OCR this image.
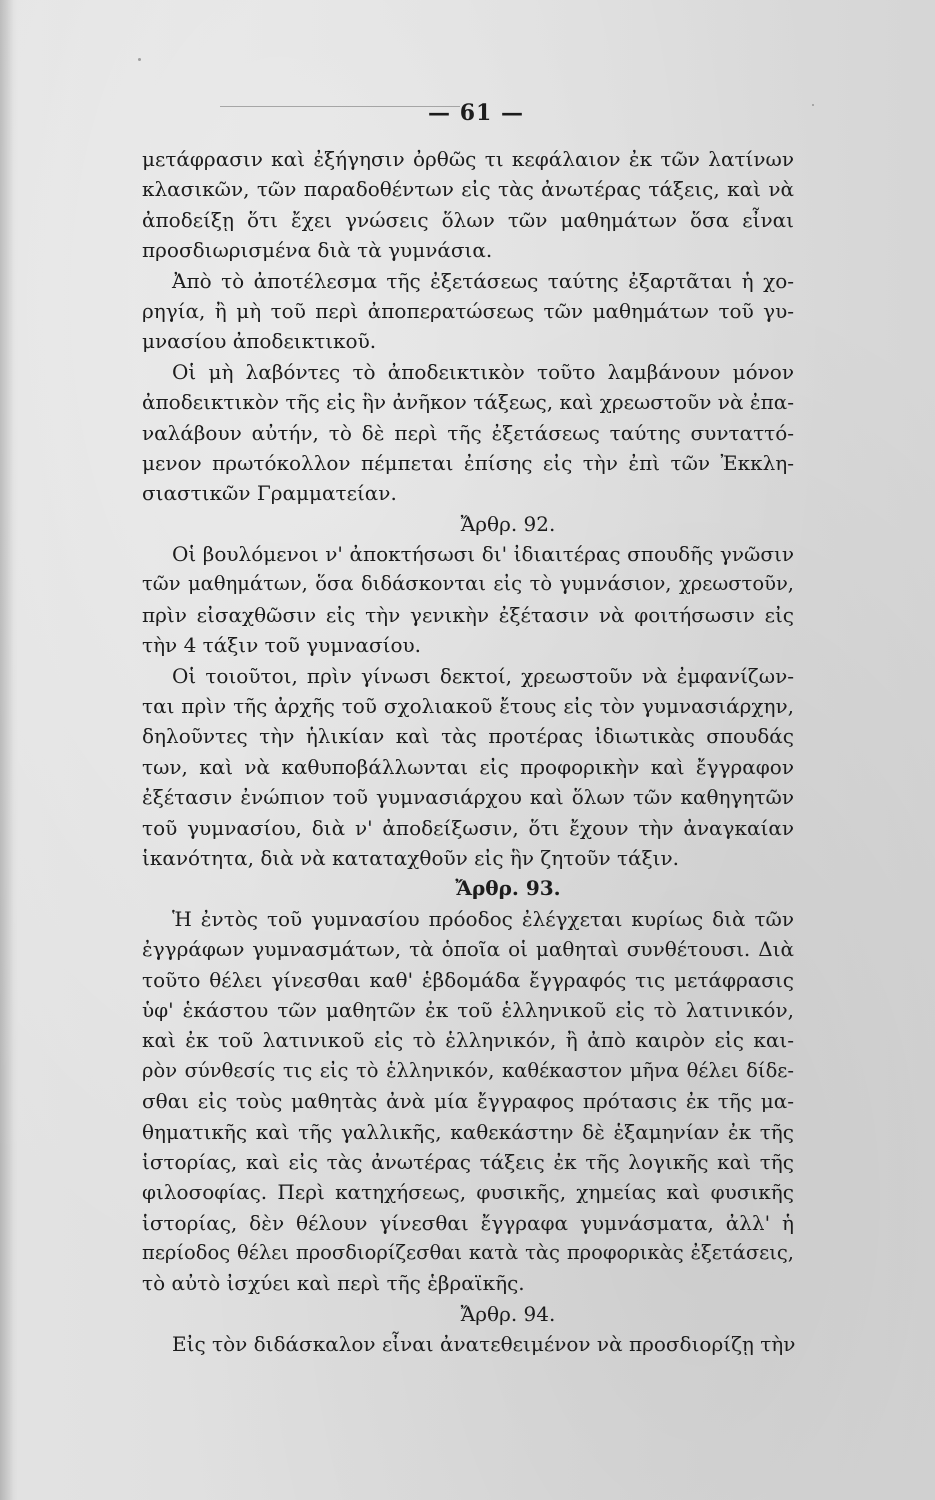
— 61 —
μετάφρασιν καὶ ἐξήγησιν ὀρθῶς τι κεφάλαιον ἐκ τῶν λατίνων
κλασικῶν, τῶν παραδοθέντων εἰς τὰς ἀνωτέρας τάξεις, καὶ νὰ
ἀποδείξῃ ὅτι ἔχει γνώσεις ὅλων τῶν μαθημάτων ὅσα εἶναι
προσδιωρισμένα διὰ τὰ γυμνάσια.
Ἀπὸ τὸ ἀποτέλεσμα τῆς ἐξετάσεως ταύτης ἐξαρτᾶται ἡ χο-
ρηγία, ἢ μὴ τοῦ περὶ ἀποπερατώσεως τῶν μαθημάτων τοῦ γυ-
μνασίου ἀποδεικτικοῦ.
Οἱ μὴ λαβόντες τὸ ἀποδεικτικὸν τοῦτο λαμβάνουν μόνον
ἀποδεικτικὸν τῆς εἰς ἣν ἀνῆκον τάξεως, καὶ χρεωστοῦν νὰ ἐπα-
ναλάβουν αὐτήν, τὸ δὲ περὶ τῆς ἐξετάσεως ταύτης συνταττό-
μενον πρωτόκολλον πέμπεται ἐπίσης εἰς τὴν ἐπὶ τῶν Ἐκκλη-
σιαστικῶν Γραμματείαν.
Ἄρθρ. 92.
Οἱ βουλόμενοι ν' ἀποκτήσωσι δι' ἰδιαιτέρας σπουδῆς γνῶσιν
τῶν μαθημάτων, ὅσα διδάσκονται εἰς τὸ γυμνάσιον, χρεωστοῦν,
πρὶν εἰσαχθῶσιν εἰς τὴν γενικὴν ἐξέτασιν νὰ φοιτήσωσιν εἰς
τὴν 4 τάξιν τοῦ γυμνασίου.
Οἱ τοιοῦτοι, πρὶν γίνωσι δεκτοί, χρεωστοῦν νὰ ἐμφανίζων-
ται πρὶν τῆς ἀρχῆς τοῦ σχολιακοῦ ἔτους εἰς τὸν γυμνασιάρχην,
δηλοῦντες τὴν ἡλικίαν καὶ τὰς προτέρας ἰδιωτικὰς σπουδάς
των, καὶ νὰ καθυποβάλλωνται εἰς προφορικὴν καὶ ἔγγραφον
ἐξέτασιν ἐνώπιον τοῦ γυμνασιάρχου καὶ ὅλων τῶν καθηγητῶν
τοῦ γυμνασίου, διὰ ν' ἀποδείξωσιν, ὅτι ἔχουν τὴν ἀναγκαίαν
ἱκανότητα, διὰ νὰ καταταχθοῦν εἰς ἣν ζητοῦν τάξιν.
Ἄρθρ. 93.
Ἡ ἐντὸς τοῦ γυμνασίου πρόοδος ἐλέγχεται κυρίως διὰ τῶν
ἐγγράφων γυμνασμάτων, τὰ ὁποῖα οἱ μαθηταὶ συνθέτουσι. Διὰ
τοῦτο θέλει γίνεσθαι καθ' ἑβδομάδα ἔγγραφός τις μετάφρασις
ὑφ' ἑκάστου τῶν μαθητῶν ἐκ τοῦ ἑλληνικοῦ εἰς τὸ λατινικόν,
καὶ ἐκ τοῦ λατινικοῦ εἰς τὸ ἑλληνικόν, ἢ ἀπὸ καιρὸν εἰς και-
ρὸν σύνθεσίς τις εἰς τὸ ἑλληνικόν, καθέκαστον μῆνα θέλει δίδε-
σθαι εἰς τοὺς μαθητὰς ἀνὰ μία ἔγγραφος πρότασις ἐκ τῆς μα-
θηματικῆς καὶ τῆς γαλλικῆς, καθεκάστην δὲ ἑξαμηνίαν ἐκ τῆς
ἱστορίας, καὶ εἰς τὰς ἀνωτέρας τάξεις ἐκ τῆς λογικῆς καὶ τῆς
φιλοσοφίας. Περὶ κατηχήσεως, φυσικῆς, χημείας καὶ φυσικῆς
ἱστορίας, δὲν θέλουν γίνεσθαι ἔγγραφα γυμνάσματα, ἀλλ' ἡ
περίοδος θέλει προσδιορίζεσθαι κατὰ τὰς προφορικὰς ἐξετάσεις,
τὸ αὐτὸ ἰσχύει καὶ περὶ τῆς ἑβραϊκῆς.
Ἄρθρ. 94.
Εἰς τὸν διδάσκαλον εἶναι ἀνατεθειμένον νὰ προσδιορίζῃ τὴν
